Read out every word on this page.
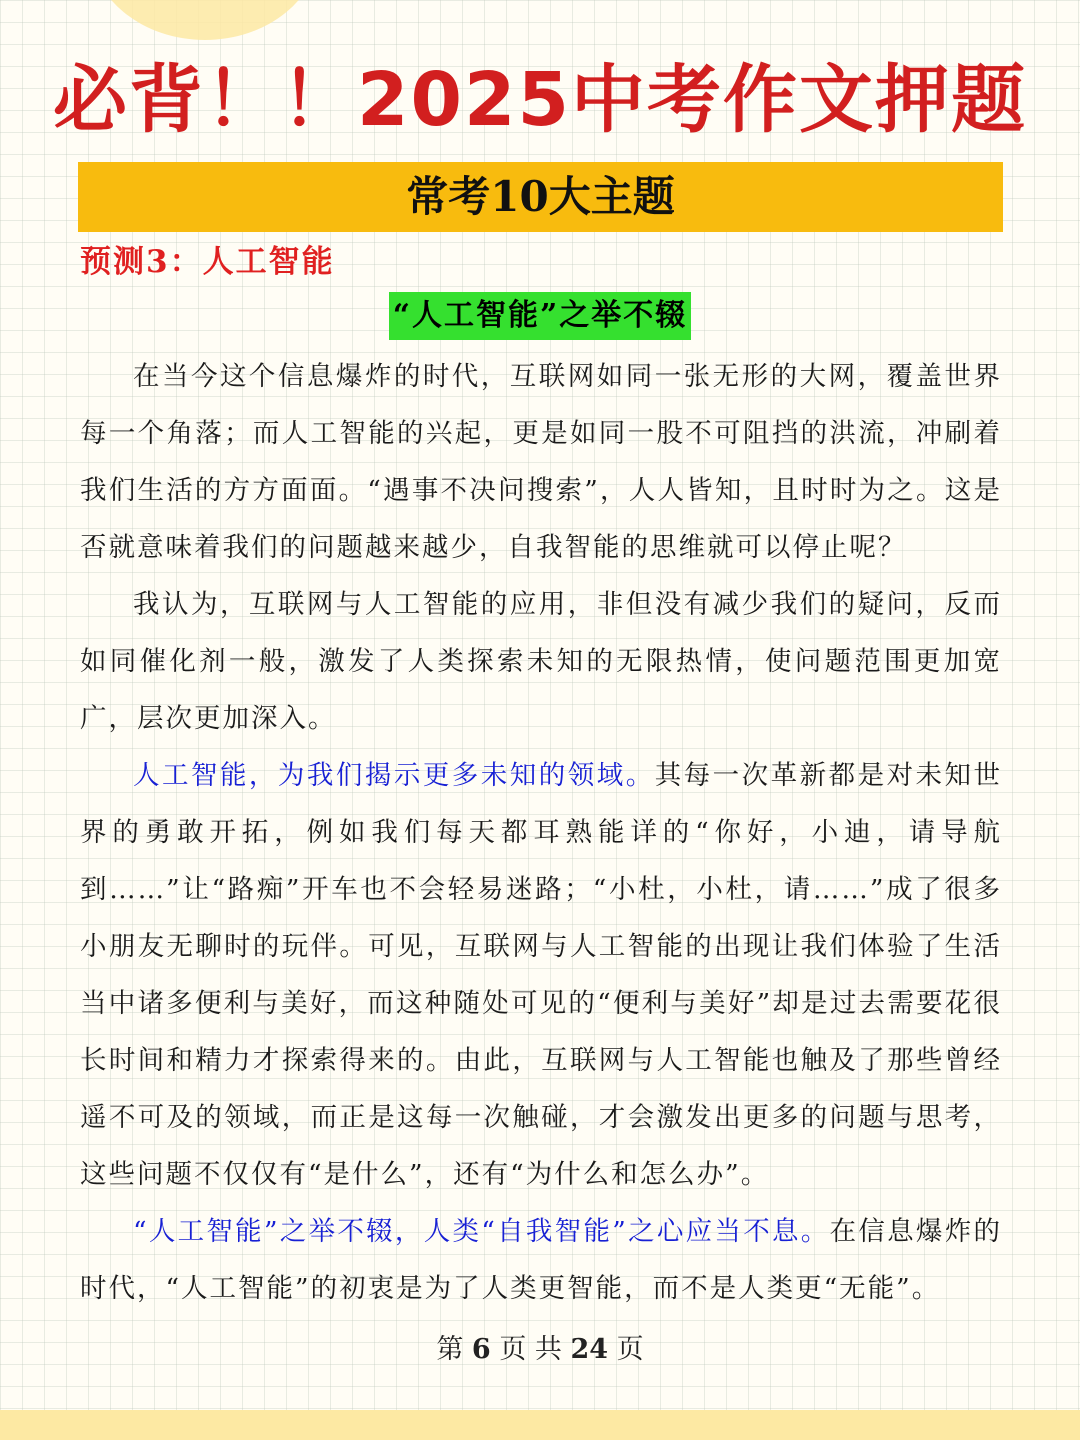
必背！！2025中考作文押题
常考10大主题
预测3：人工智能
“人工智能”之举不辍

在当今这个信息爆炸的时代，互联网如同一张无形的大网，覆盖世界每一个角落；而人工智能的兴起，更是如同一股不可阻挡的洪流，冲刷着我们生活的方方面面。“遇事不决问搜索”，人人皆知，且时时为之。这是否就意味着我们的问题越来越少，自我智能的思维就可以停止呢？

我认为，互联网与人工智能的应用，非但没有减少我们的疑问，反而如同催化剂一般，激发了人类探索未知的无限热情，使问题范围更加宽广，层次更加深入。

人工智能，为我们揭示更多未知的领域。其每一次革新都是对未知世界的勇敢开拓，例如我们每天都耳熟能详的“你好，小迪，请导航到……”让“路痴”开车也不会轻易迷路；“小杜，小杜，请……”成了很多小朋友无聊时的玩伴。可见，互联网与人工智能的出现让我们体验了生活当中诸多便利与美好，而这种随处可见的“便利与美好”却是过去需要花很长时间和精力才探索得来的。由此，互联网与人工智能也触及了那些曾经遥不可及的领域，而正是这每一次触碰，才会激发出更多的问题与思考，这些问题不仅仅有“是什么”，还有“为什么和怎么办”。

“人工智能”之举不辍，人类“自我智能”之心应当不息。在信息爆炸的时代，“人工智能”的初衷是为了人类更智能，而不是人类更“无能”。

第 6 页 共 24 页
